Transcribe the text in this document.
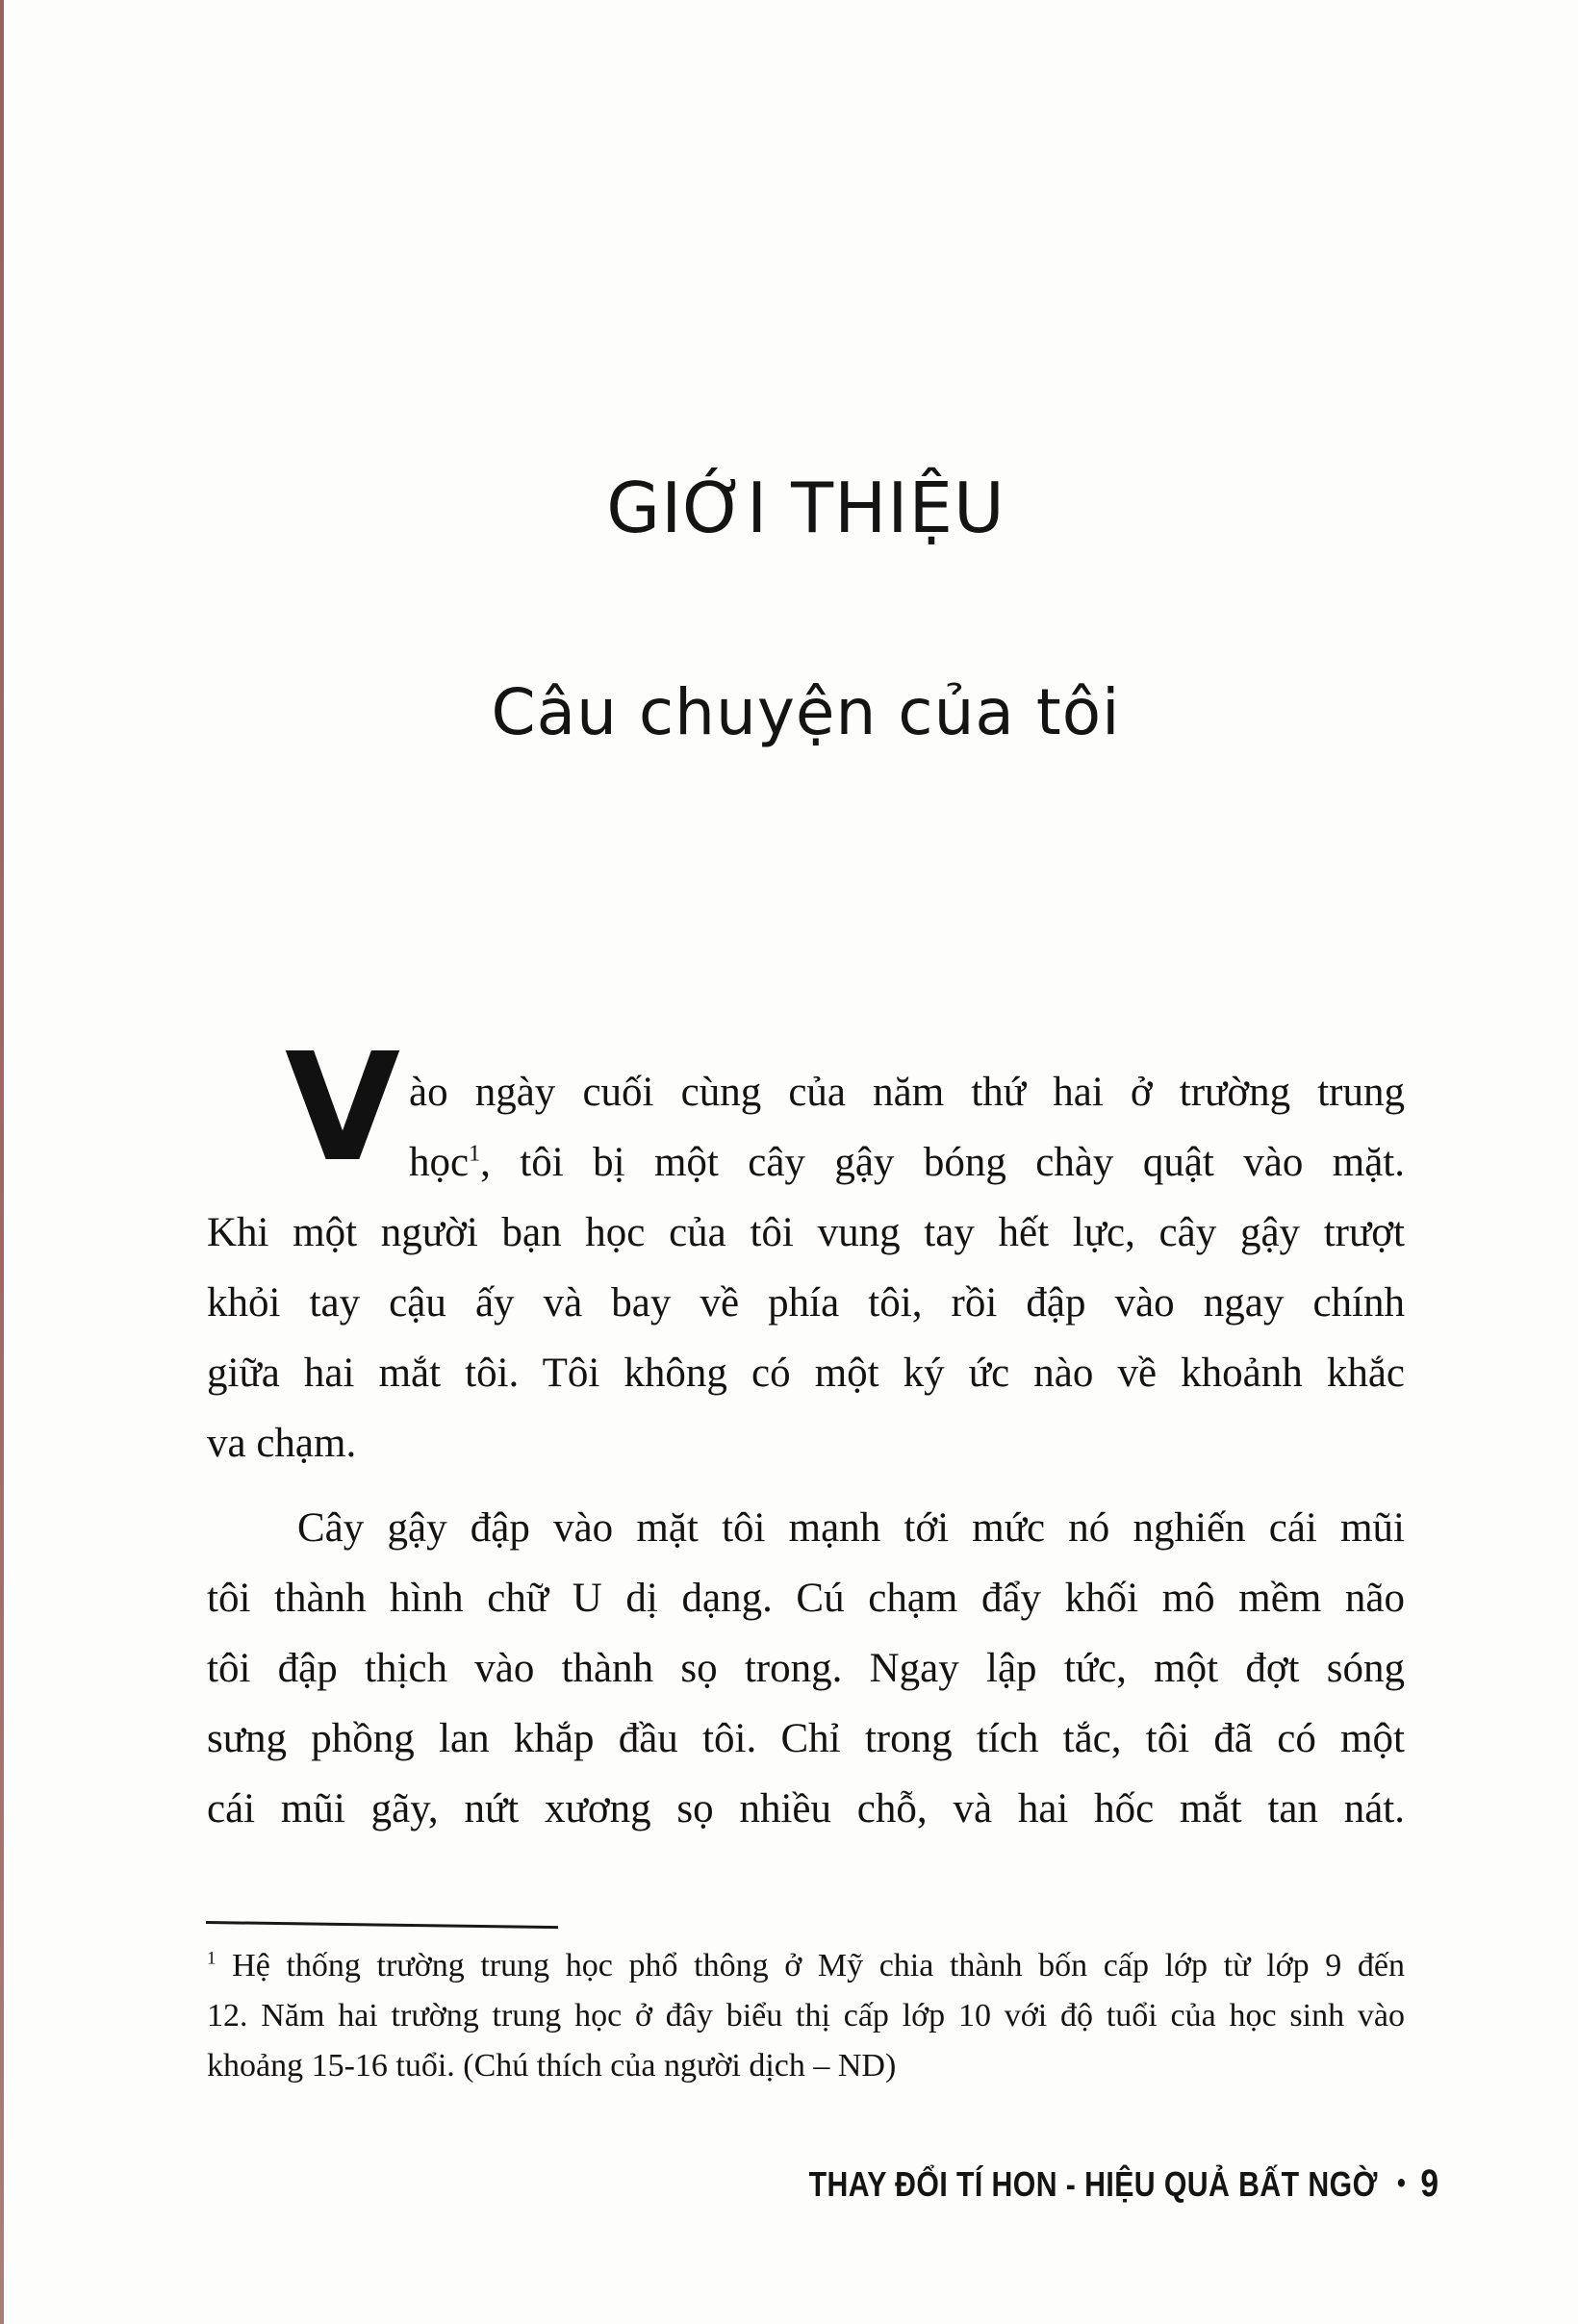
GIỚI THIỆU
Câu chuyện của tôi
V ào ngày cuối cùng của năm thứ hai ở trường trung
học$^1$, tôi bị một cây gậy bóng chày quật vào mặt.
Khi một người bạn học của tôi vung tay hết lực, cây gậy trượt
khỏi tay cậu ấy và bay về phía tôi, rồi đập vào ngay chính
giữa hai mắt tôi. Tôi không có một ký ức nào về khoảnh khắc
va chạm.
Cây gậy đập vào mặt tôi mạnh tới mức nó nghiến cái mũi
tôi thành hình chữ U dị dạng. Cú chạm đẩy khối mô mềm não
tôi đập thịch vào thành sọ trong. Ngay lập tức, một đợt sóng
sưng phồng lan khắp đầu tôi. Chỉ trong tích tắc, tôi đã có một
cái mũi gãy, nứt xương sọ nhiều chỗ, và hai hốc mắt tan nát.
$^1$ Hệ thống trường trung học phổ thông ở Mỹ chia thành bốn cấp lớp từ lớp 9 đến
12. Năm hai trường trung học ở đây biểu thị cấp lớp 10 với độ tuổi của học sinh vào
khoảng 15-16 tuổi. (Chú thích của người dịch – ND)
THAY ĐỔI TÍ HON - HIỆU QUẢ BẤT NGỜ • 9
